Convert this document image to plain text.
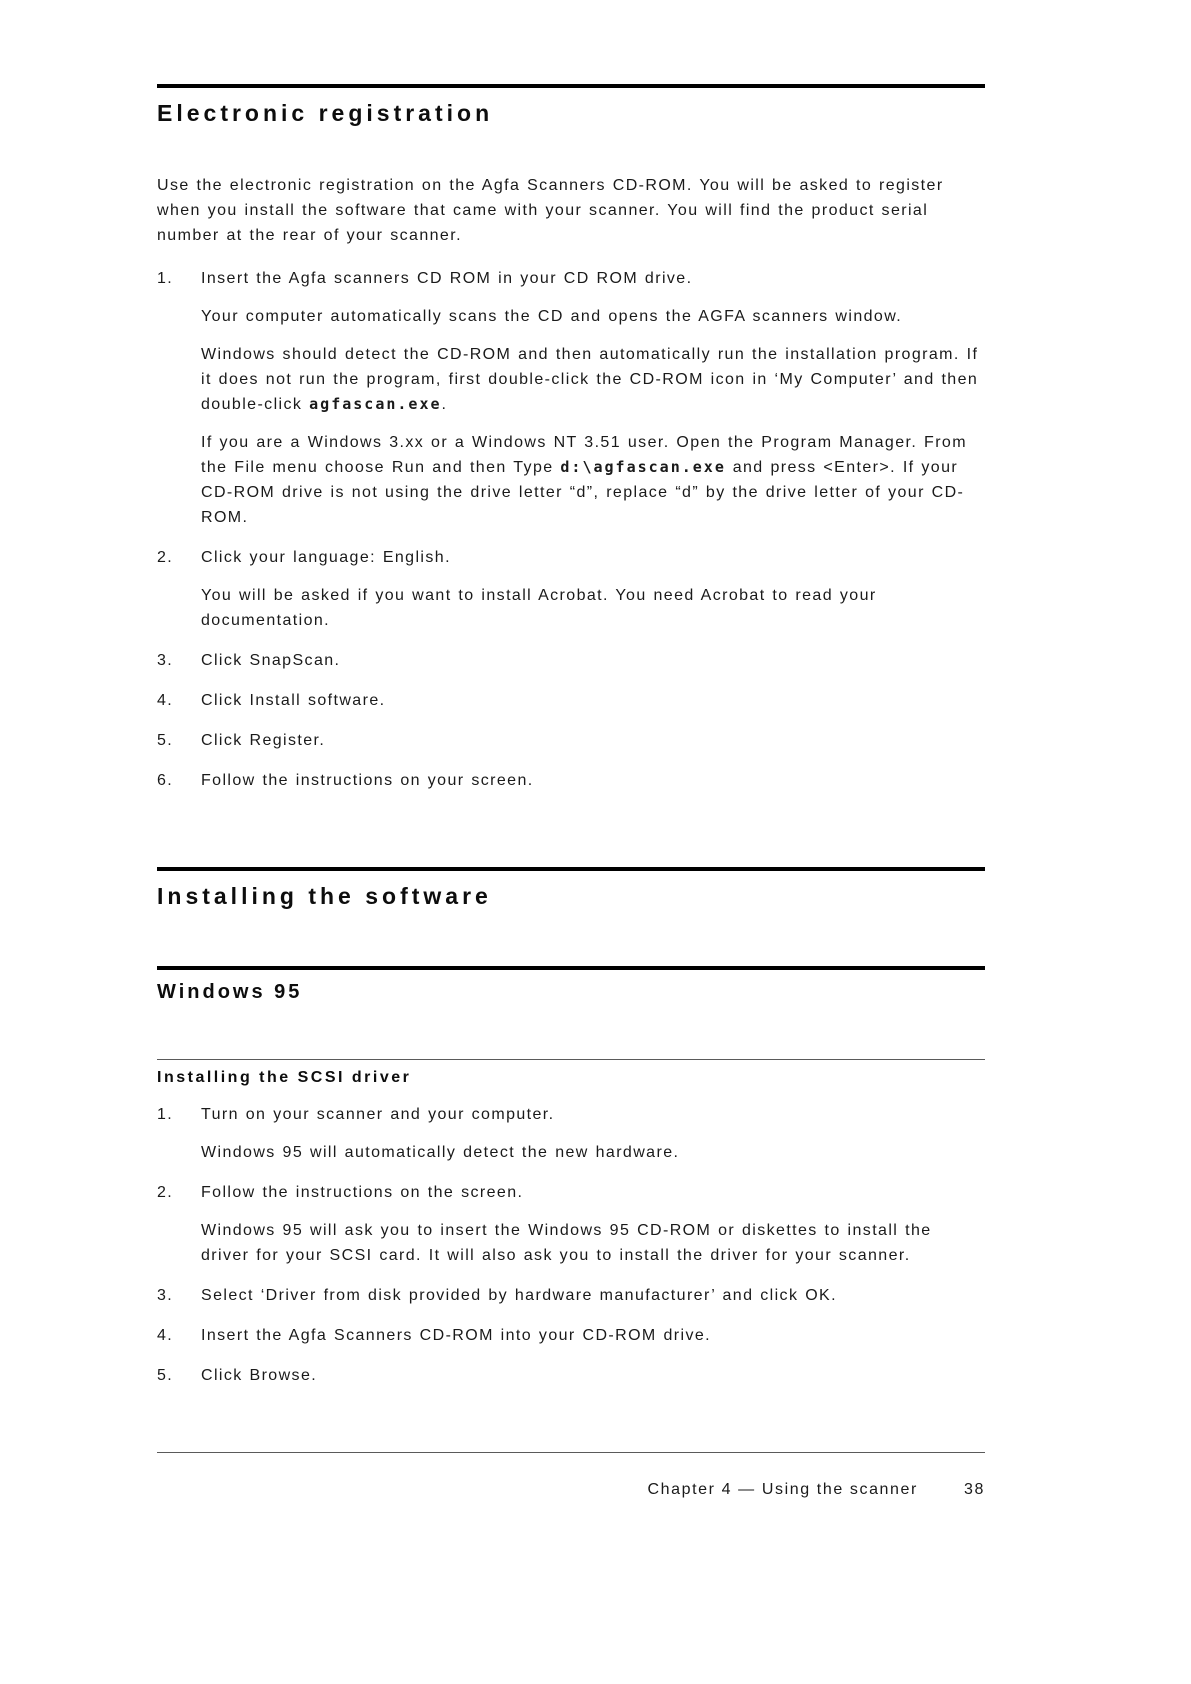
Electronic registration

Use the electronic registration on the Agfa Scanners CD-ROM. You will be asked to register when you install the software that came with your scanner. You will find the product serial number at the rear of your scanner.

1.	Insert the Agfa scanners CD ROM in your CD ROM drive.

Your computer automatically scans the CD and opens the AGFA scanners window.

Windows should detect the CD-ROM and then automatically run the installation program. If it does not run the program, first double-click the CD-ROM icon in ‘My Computer’ and then double-click agfascan.exe.

If you are a Windows 3.xx or a Windows NT 3.51 user. Open the Program Manager. From the File menu choose Run and then Type d:\agfascan.exe and press <Enter>. If your CD-ROM drive is not using the drive letter “d”, replace “d” by the drive letter of your CD-ROM.

2.	Click your language: English.

You will be asked if you want to install Acrobat. You need Acrobat to read your documentation.

3.	Click SnapScan.

4.	Click Install software.

5.	Click Register.

6.	Follow the instructions on your screen.

Installing the software
Windows 95
Installing the SCSI driver
1.	Turn on your scanner and your computer.

Windows 95 will automatically detect the new hardware.

2.	Follow the instructions on the screen.

Windows 95 will ask you to insert the Windows 95 CD-ROM or diskettes to install the driver for your SCSI card. It will also ask you to install the driver for your scanner.

3.	Select ‘Driver from disk provided by hardware manufacturer’ and click OK.

4.	Insert the Agfa Scanners CD-ROM into your CD-ROM drive.

5.	Click Browse.

Chapter 4 — Using the scanner	38
